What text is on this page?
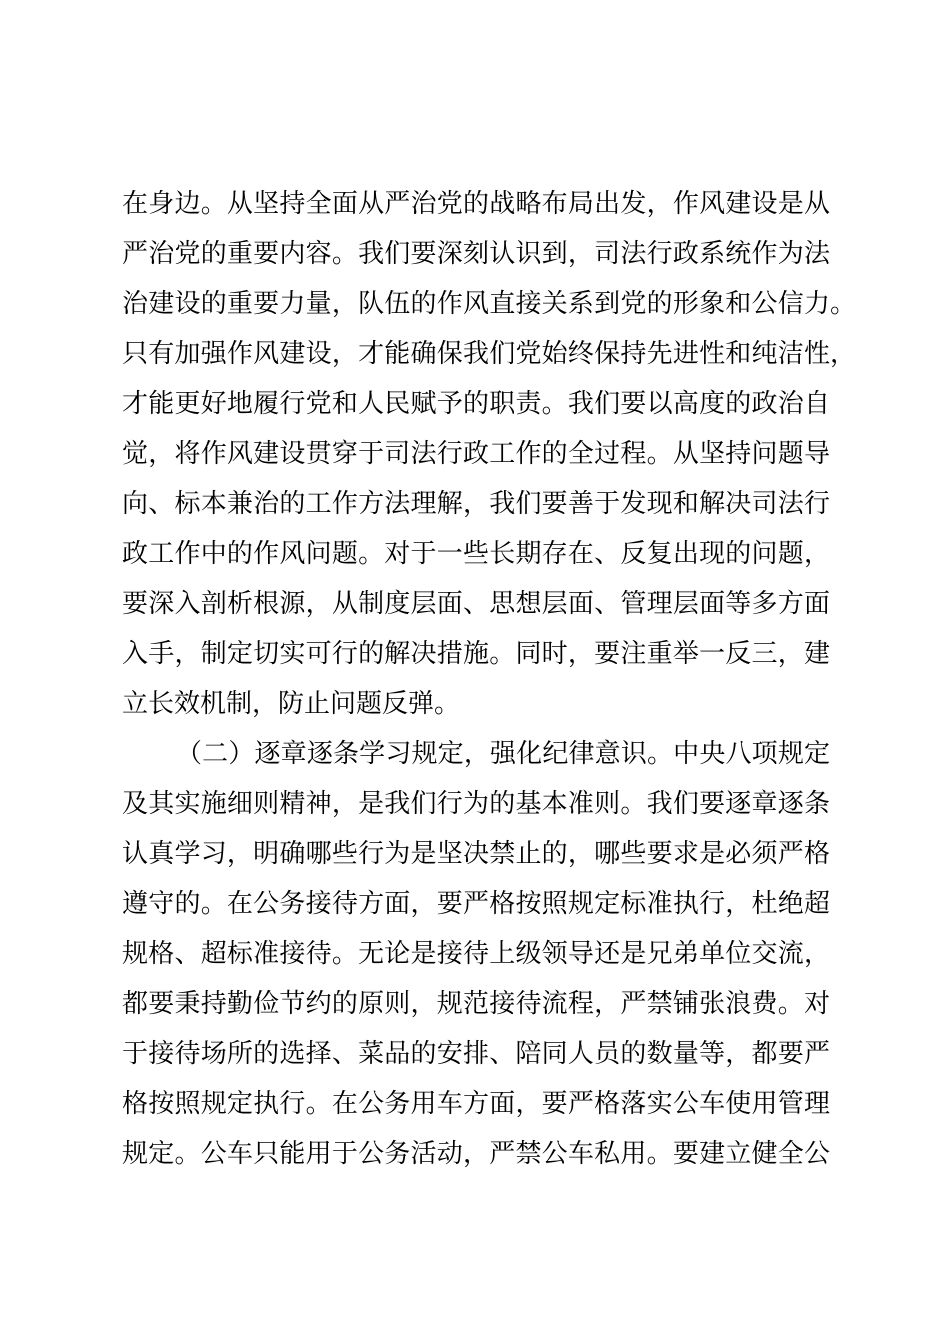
在身边。从坚持全面从严治党的战略布局出发，作风建设是从
严治党的重要内容。我们要深刻认识到，司法行政系统作为法
治建设的重要力量，队伍的作风直接关系到党的形象和公信力 。
只有加强作风建设，才能确保我们党始终保持先进性和纯洁性 ，
才能更好地履行党和人民赋予的职责。我们要以高度的政治自
觉，将作风建设贯穿于司法行政工作的全过程。从坚持问题导
向、标本兼治的工作方法理解，我们要善于发现和解决司法行
政工作中的作风问题。对于一些长期存在、反复出现的问题，
要深入剖析根源，从制度层面、思想层面、管理层面等多方面
入手，制定切实可行的解决措施。同时，要注重举一反三，建
立长效机制，防止问题反弹。
（二）逐章逐条学习规定，强化纪律意识。中央八项规定
及其实施细则精神，是我们行为的基本准则。我们要逐章逐条
认真学习，明确哪些行为是坚决禁止的，哪些要求是必须严格
遵守的。在公务接待方面，要严格按照规定标准执行，杜绝超
规格、超标准接待。无论是接待上级领导还是兄弟单位交流，
都要秉持勤俭节约的原则，规范接待流程，严禁铺张浪费。对
于接待场所的选择、菜品的安排、陪同人员的数量等，都要严
格按照规定执行。在公务用车方面，要严格落实公车使用管理
规定。公车只能用于公务活动，严禁公车私用。要建立健全公
